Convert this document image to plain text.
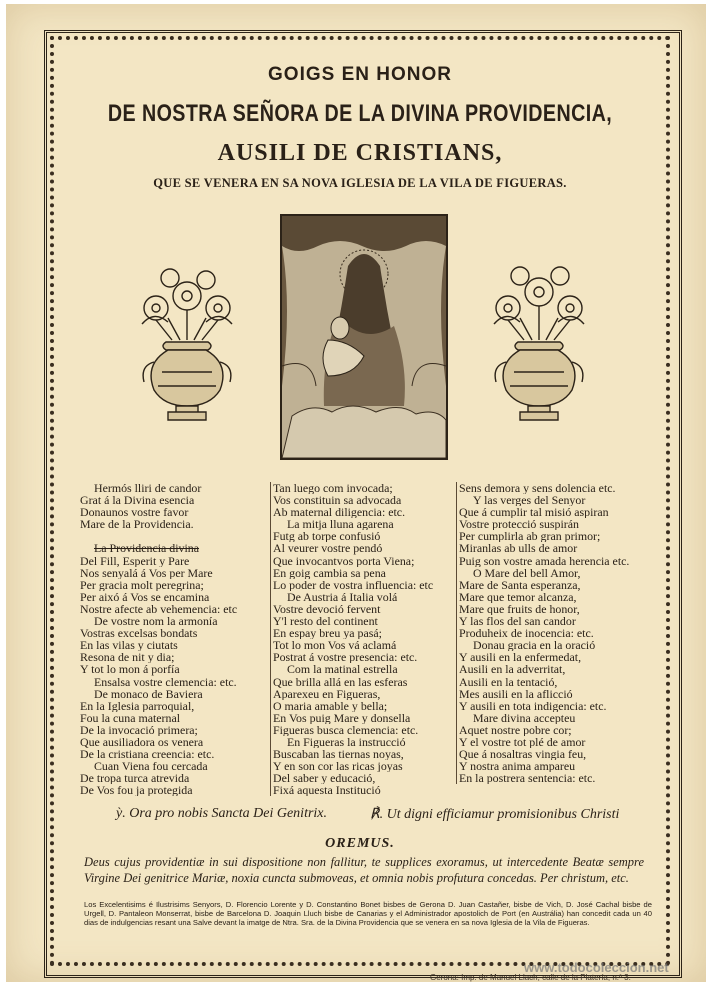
GOIGS EN HONOR
DE NOSTRA SEÑORA DE LA DIVINA PROVIDENCIA,
AUSILI DE CRISTIANS,
QUE SE VENERA EN SA NOVA IGLESIA DE LA VILA DE FIGUERAS.
Hermós lliri de candor
Grat á la Divina esencia
Donaunos vostre favor
Mare de la Providencia.
La Providencia divina
Del Fill, Esperit y Pare
Nos senyalá á Vos per Mare
Per gracia molt peregrina;
Per aixó á Vos se encamina
Nostre afecte ab vehemencia: etc
De vostre nom la armonía
Vostras excelsas bondats
En las vilas y ciutats
Resona de nit y dia;
Y tot lo mon á porfía
Ensalsa vostre clemencia: etc.
De monaco de Baviera
En la Iglesia parroquial,
Fou la cuna maternal
De la invocació primera;
Que ausiliadora os venera
De la cristiana creencia: etc.
Cuan Viena fou cercada
De tropa turca atrevida
De Vos fou ja protegida
Tan luego com invocada;
Vos constituin sa advocada
Ab maternal diligencia: etc.
La mitja lluna agarena
Futg ab torpe confusió
Al veurer vostre pendó
Que invocantvos porta Viena;
En goig cambia sa pena
Lo poder de vostra influencia: etc
De Austria á Italia volá
Vostre devoció fervent
Y'l resto del continent
En espay breu ya pasá;
Tot lo mon Vos vá aclamá
Postrat á vostre presencia: etc.
Com la matinal estrella
Que brilla allá en las esferas
Aparexeu en Figueras,
O maria amable y bella;
En Vos puig Mare y donsella
Figueras busca clemencia: etc.
En Figueras la instrucció
Buscaban las tiernas noyas,
Y en son cor las ricas joyas
Del saber y educació,
Fixá aquesta Institució
Sens demora y sens dolencia etc.
Y las verges del Senyor
Que á cumplir tal misió aspiran
Vostre protecció suspirán
Per cumplirla ab gran primor;
Miranlas ab ulls de amor
Puig son vostre amada herencia etc.
O Mare del bell Amor,
Mare de Santa esperanza,
Mare que temor alcanza,
Mare que fruits de honor,
Y las flos del san candor
Produheix de inocencia: etc.
Donau gracia en la oració
Y ausili en la enfermedat,
Ausili en la adverritat,
Ausili en la tentació,
Mes ausili en la aflicció
Y ausili en tota indigencia: etc.
Mare divina accepteu
Aquet nostre pobre cor;
Y el vostre tot plé de amor
Que á nosaltras vingia feu,
Y nostra anima ampareu
En la postrera sentencia: etc.
ỳ. Ora pro nobis Sancta Dei Genitrix.	℟. Ut digni efficiamur promisionibus Christi
OREMUS.
Deus cujus providentiæ in sui dispositione non fallitur, te supplices exoramus, ut intercedente Beatæ sempre Virgine Dei genitrice Mariæ, noxia cuncta submoveas, et omnia nobis profutura concedas. Per christum, etc.
Los Excelentisims é Ilustrisims Senyors, D. Florencio Lorente y D. Constantino Bonet bisbes de Gerona D. Juan Castañer, bisbe de Vich, D. José Cachal bisbe de Urgell, D. Pantaleon Monserrat, bisbe de Barcelona D. Joaquin Lluch bisbe de Canarias y el Administrador apostolich de Port (en Austrália) han concedit cada un 40 dias de indulgencias resant una Salve devant la imatge de Ntra. Sra. de la Divina Providencia que se venera en sa nova Iglesia de la Vila de Figueras.
Gerona: Imp. de Manuel Llach, calle de la Platería, n.º 3.
www.todocoleccion.net
